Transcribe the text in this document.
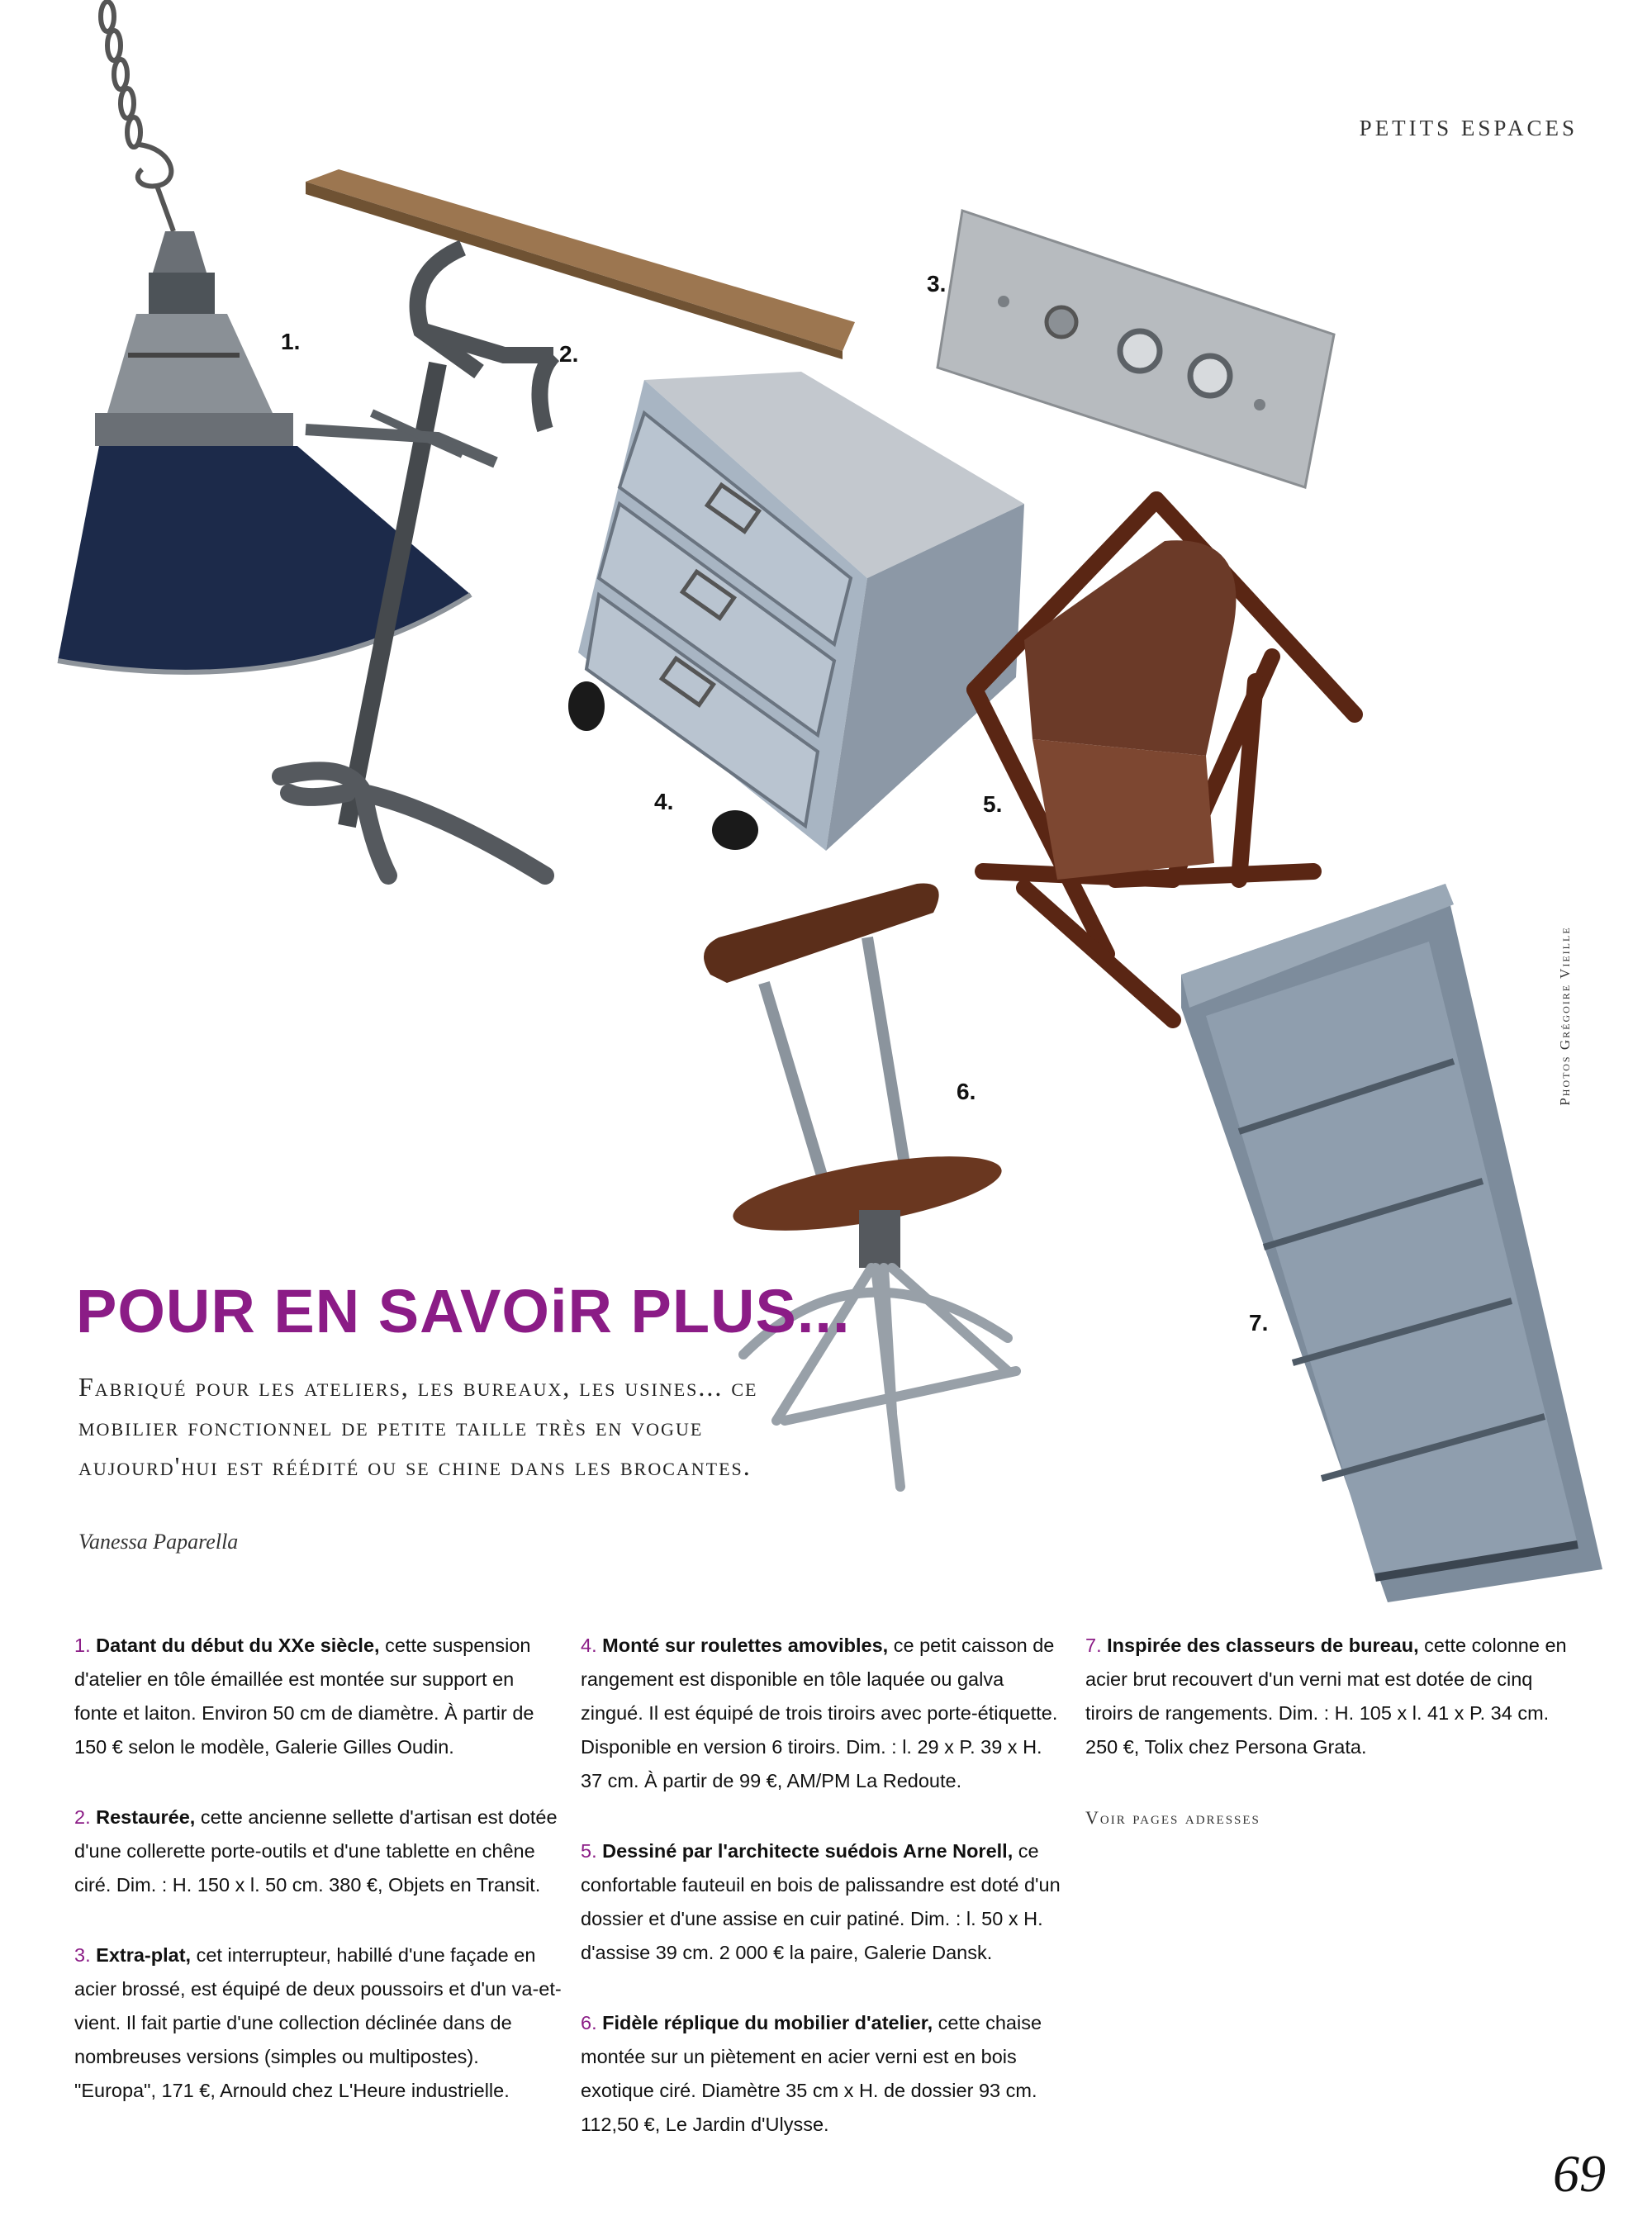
PETITS ESPACES
Photos Grégoire Vieille
1.	2.
3.
4.	5.
6.
7.
POUR EN SAVOiR PLUS...
Fabriqué pour les ateliers, les bureaux, les usines... ce mobilier fonctionnel de petite taille très en vogue aujourd'hui est réédité ou se chine dans les brocantes.
Vanessa Paparella

1. Datant du début du XXe siècle, cette suspension d'atelier en tôle émaillée est montée sur support en fonte et laiton. Environ 50 cm de diamètre. À partir de 150 € selon le modèle, Galerie Gilles Oudin.

2. Restaurée, cette ancienne sellette d'artisan est dotée d'une collerette porte-outils et d'une tablette en chêne ciré. Dim. : H. 150 x l. 50 cm. 380 €, Objets en Transit.

3. Extra-plat, cet interrupteur, habillé d'une façade en acier brossé, est équipé de deux poussoirs et d'un va-et-vient. Il fait partie d'une collection déclinée dans de nombreuses versions (simples ou multipostes). "Europa", 171 €, Arnould chez L'Heure industrielle.

4. Monté sur roulettes amovibles, ce petit caisson de rangement est disponible en tôle laquée ou galva zingué. Il est équipé de trois tiroirs avec porte-étiquette. Disponible en version 6 tiroirs. Dim. : l. 29 x P. 39 x H. 37 cm. À partir de 99 €, AM/PM La Redoute.

5. Dessiné par l'architecte suédois Arne Norell, ce confortable fauteuil en bois de palissandre est doté d'un dossier et d'une assise en cuir patiné. Dim. : l. 50 x H. d'assise 39 cm. 2 000 € la paire, Galerie Dansk.

6. Fidèle réplique du mobilier d'atelier, cette chaise montée sur un piètement en acier verni est en bois exotique ciré. Diamètre 35 cm x H. de dossier 93 cm. 112,50 €, Le Jardin d'Ulysse.

7. Inspirée des classeurs de bureau, cette colonne en acier brut recouvert d'un verni mat est dotée de cinq tiroirs de rangements. Dim. : H. 105 x l. 41 x P. 34 cm. 250 €, Tolix chez Persona Grata.

Voir pages adresses
69
